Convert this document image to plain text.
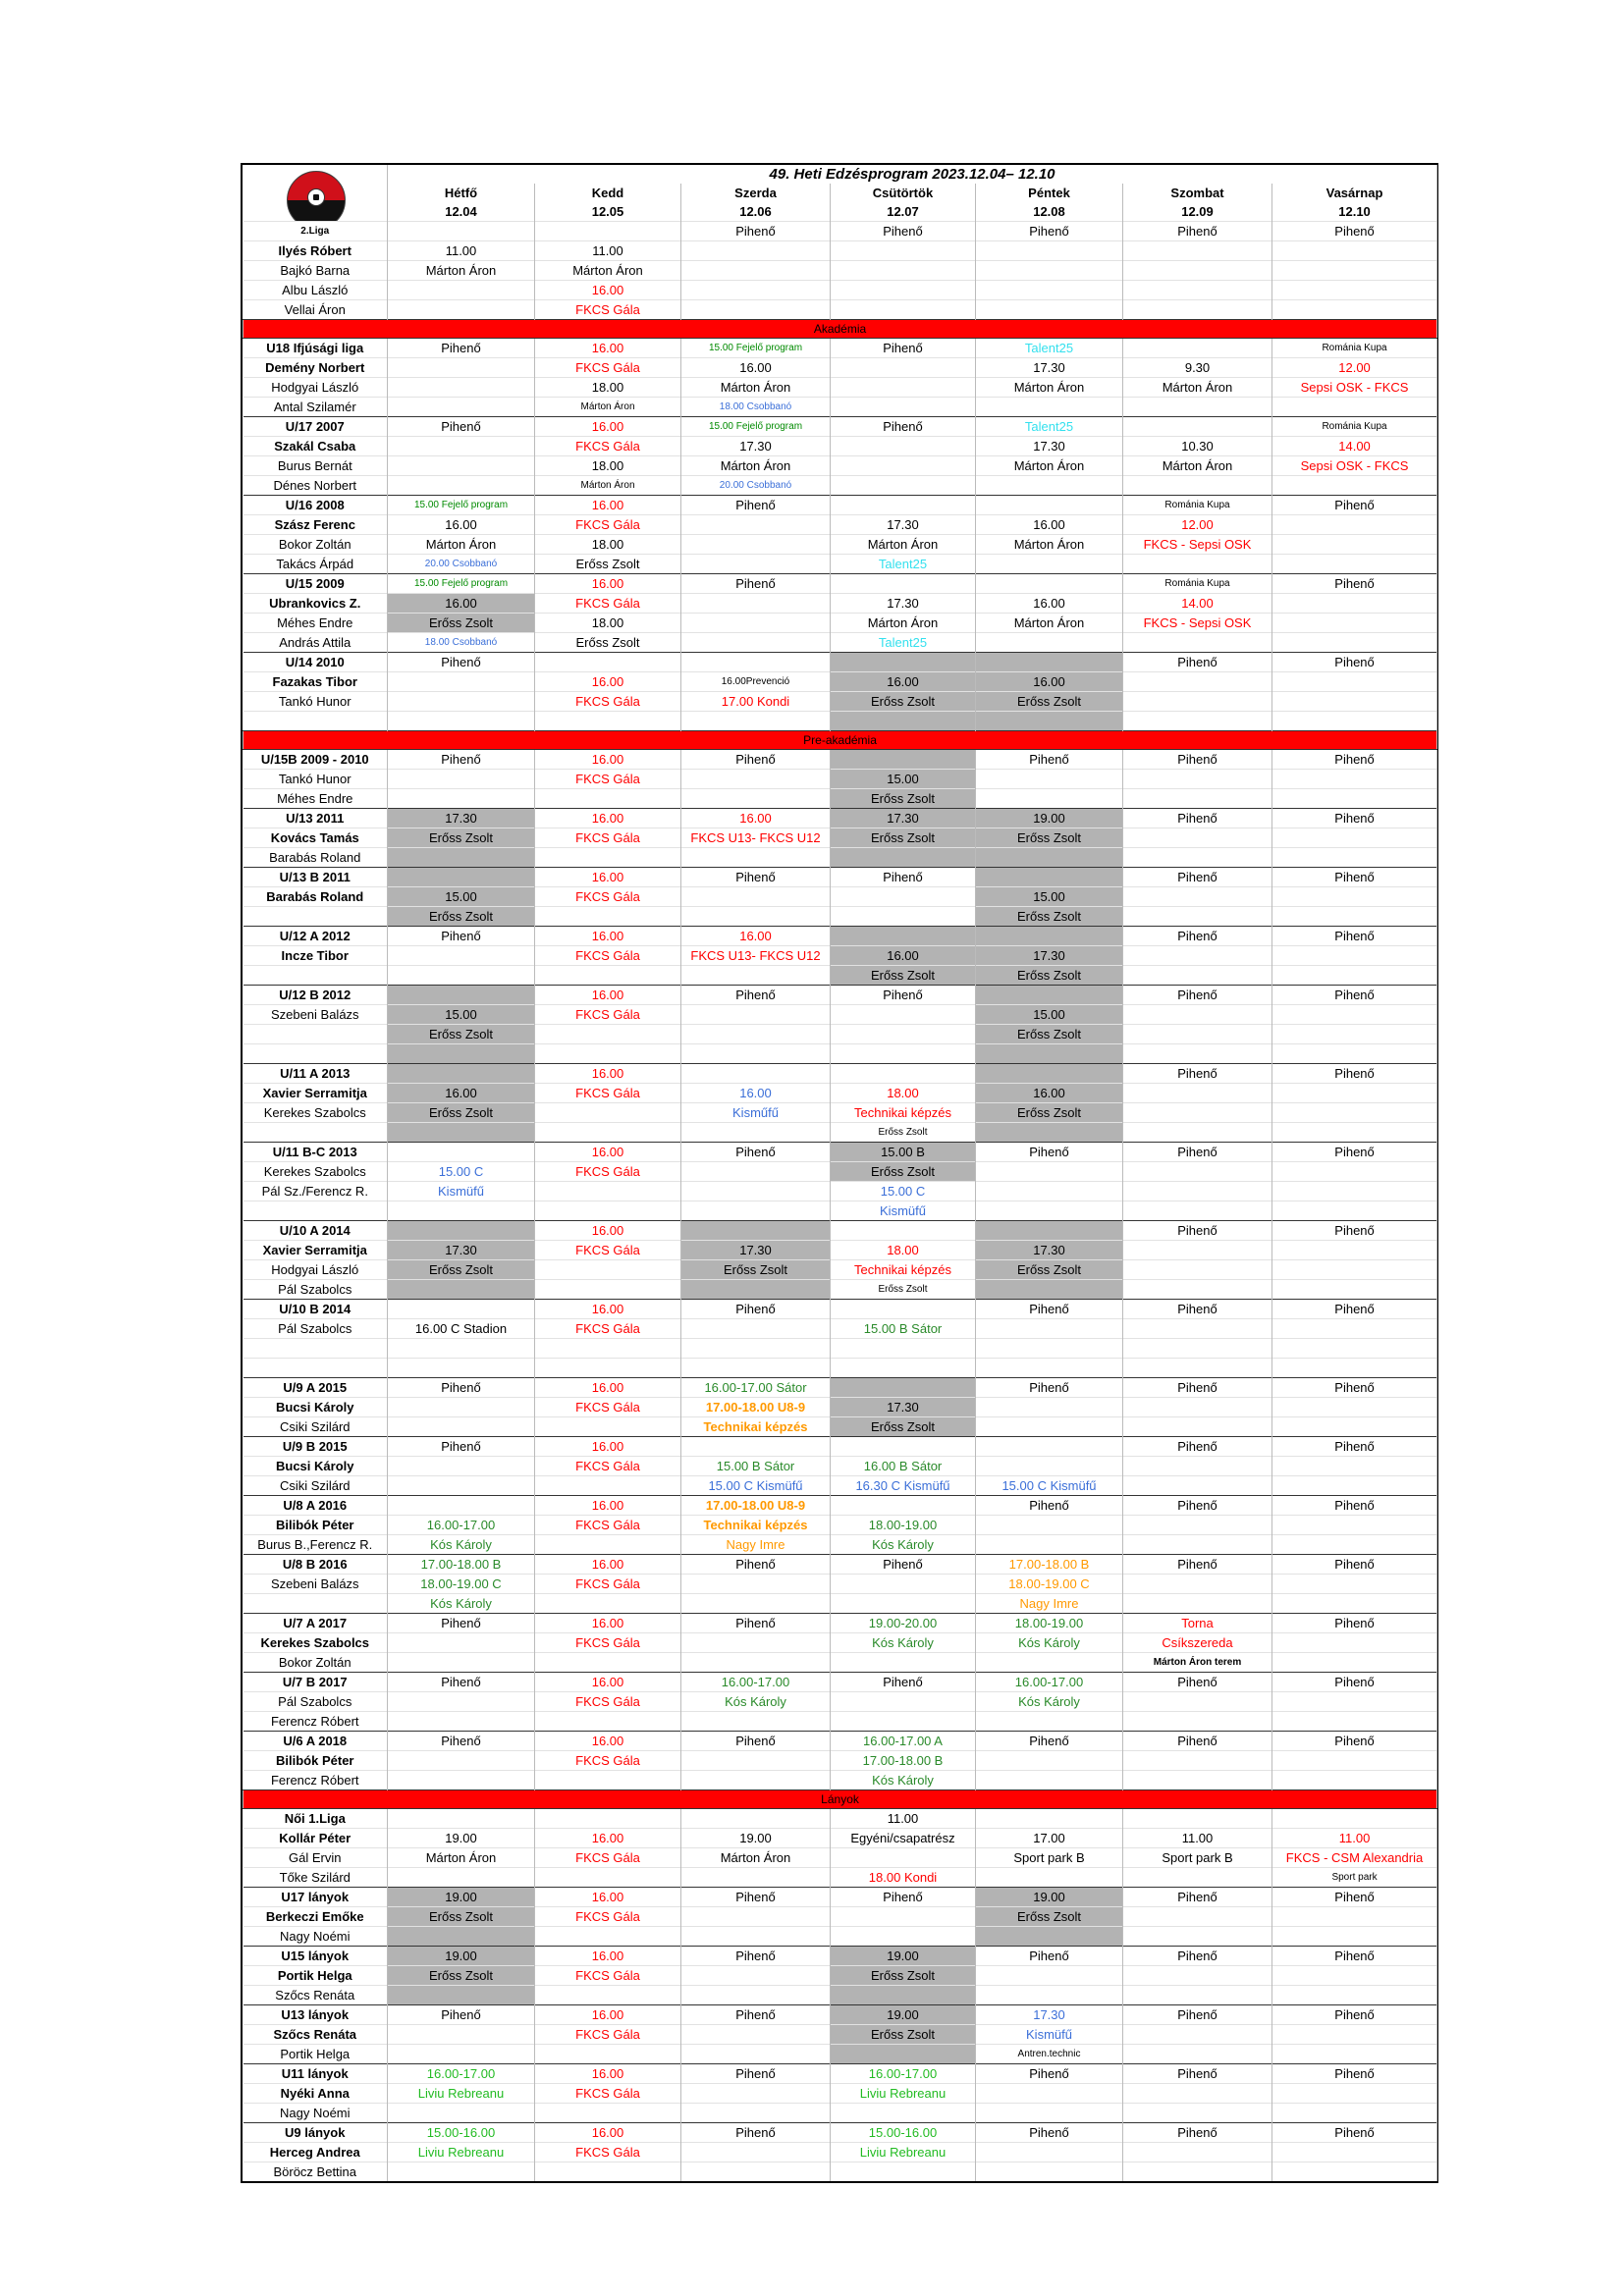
	49. Heti Edzésprogram 2023.12.04– 12.10						
	Hétfő	Kedd	Szerda	Csütörtök	Péntek	Szombat	Vasárnap
	12.04	12.05	12.06	12.07	12.08	12.09	12.10
2.Liga			Pihenő	Pihenő	Pihenő	Pihenő	Pihenő
Ilyés Róbert	11.00	11.00					
Bajkó Barna	Márton Áron	Márton Áron					
Albu László		16.00					
Vellai Áron		FKCS Gála					
Akadémia							
U18 Ifjúsági liga	Pihenő	16.00	15.00 Fejelő program	Pihenő	Talent25		Románia Kupa
Demény Norbert		FKCS Gála	16.00		17.30	9.30	12.00
Hodgyai László		18.00	Márton Áron		Márton Áron	Márton Áron	Sepsi OSK - FKCS
Antal Szilamér		Márton Áron	18.00 Csobbanó				
U/17 2007	Pihenő	16.00	15.00 Fejelő program	Pihenő	Talent25		Románia Kupa
Szakál Csaba		FKCS Gála	17.30		17.30	10.30	14.00
Burus Bernát		18.00	Márton Áron		Márton Áron	Márton Áron	Sepsi OSK - FKCS
Dénes Norbert		Márton Áron	20.00 Csobbanó				
U/16 2008	15.00 Fejelő program	16.00	Pihenő			Románia Kupa	Pihenő
Szász Ferenc	16.00	FKCS Gála		17.30	16.00	12.00	
Bokor Zoltán	Márton Áron	18.00		Márton Áron	Márton Áron	FKCS - Sepsi OSK	
Takács Árpád	20.00 Csobbanó	Erőss Zsolt		Talent25			
U/15 2009	15.00 Fejelő program	16.00	Pihenő			Románia Kupa	Pihenő
Ubrankovics Z.	16.00	FKCS Gála		17.30	16.00	14.00	
Méhes Endre	Erőss Zsolt	18.00		Márton Áron	Márton Áron	FKCS - Sepsi OSK	
András Attila	18.00 Csobbanó	Erőss Zsolt		Talent25			
U/14 2010	Pihenő					Pihenő	Pihenő
Fazakas Tibor		16.00	16.00Prevenció	16.00	16.00		
Tankó Hunor		FKCS Gála	17.00 Kondi	Erőss Zsolt	Erőss Zsolt		

Pre-akadémia							
U/15B 2009 - 2010	Pihenő	16.00	Pihenő		Pihenő	Pihenő	Pihenő
Tankó Hunor		FKCS Gála		15.00			
Méhes Endre				Erőss Zsolt			
U/13 2011	17.30	16.00	16.00	17.30	19.00	Pihenő	Pihenő
Kovács Tamás	Erőss Zsolt	FKCS Gála	FKCS U13- FKCS U12	Erőss Zsolt	Erőss Zsolt		
Barabás Roland							
U/13 B 2011		16.00	Pihenő	Pihenő		Pihenő	Pihenő
Barabás Roland	15.00	FKCS Gála			15.00		
	Erőss Zsolt				Erőss Zsolt		
U/12 A 2012	Pihenő	16.00	16.00			Pihenő	Pihenő
Incze Tibor		FKCS Gála	FKCS U13- FKCS U12	16.00	17.30		
				Erőss Zsolt	Erőss Zsolt		
U/12 B 2012		16.00	Pihenő	Pihenő		Pihenő	Pihenő
Szebeni Balázs	15.00	FKCS Gála			15.00		
	Erőss Zsolt				Erőss Zsolt		

U/11 A 2013		16.00				Pihenő	Pihenő
Xavier Serramitja	16.00	FKCS Gála	16.00	18.00	16.00		
Kerekes Szabolcs	Erőss Zsolt		Kisműfű	Technikai képzés	Erőss Zsolt		
				Erőss Zsolt			
U/11 B-C 2013		16.00	Pihenő	15.00 B	Pihenő	Pihenő	Pihenő
Kerekes Szabolcs	15.00 C	FKCS Gála		Erőss Zsolt			
Pál Sz./Ferencz R.	Kismüfű			15.00 C			
				Kismüfű			
U/10 A 2014		16.00				Pihenő	Pihenő
Xavier Serramitja	17.30	FKCS Gála	17.30	18.00	17.30		
Hodgyai László	Erőss Zsolt		Erőss Zsolt	Technikai képzés	Erőss Zsolt		
Pál Szabolcs				Erőss Zsolt			
U/10 B 2014		16.00	Pihenő		Pihenő	Pihenő	Pihenő
Pál Szabolcs	16.00 C Stadion	FKCS Gála		15.00 B Sátor			

U/9 A 2015	Pihenő	16.00	16.00-17.00 Sátor		Pihenő	Pihenő	Pihenő
Bucsi Károly		FKCS Gála	17.00-18.00 U8-9	17.30			
Csiki Szilárd			Technikai képzés	Erőss Zsolt			
U/9 B 2015	Pihenő	16.00				Pihenő	Pihenő
Bucsi Károly		FKCS Gála	15.00 B Sátor	16.00 B Sátor			
Csiki Szilárd			15.00 C Kismüfű	16.30 C Kismüfű	15.00 C Kismüfű		
U/8 A 2016		16.00	17.00-18.00 U8-9		Pihenő	Pihenő	Pihenő
Bilibók Péter	16.00-17.00	FKCS Gála	Technikai képzés	18.00-19.00			
Burus B.,Ferencz R.	Kós Károly		Nagy Imre	Kós Károly			
U/8 B 2016	17.00-18.00 B	16.00	Pihenő	Pihenő	17.00-18.00 B	Pihenő	Pihenő
Szebeni Balázs	18.00-19.00 C	FKCS Gála			18.00-19.00 C		
	Kós Károly				Nagy Imre		
U/7 A 2017	Pihenő	16.00	Pihenő	19.00-20.00	18.00-19.00	Torna	Pihenő
Kerekes Szabolcs		FKCS Gála		Kós Károly	Kós Károly	Csíkszereda	
Bokor Zoltán						Márton Áron terem	
U/7 B 2017	Pihenő	16.00	16.00-17.00	Pihenő	16.00-17.00	Pihenő	Pihenő
Pál Szabolcs		FKCS Gála	Kós Károly		Kós Károly		
Ferencz Róbert							
U/6 A 2018	Pihenő	16.00	Pihenő	16.00-17.00 A	Pihenő	Pihenő	Pihenő
Bilibók Péter		FKCS Gála		17.00-18.00 B			
Ferencz Róbert				Kós Károly			
Lányok							
Női 1.Liga				11.00			
Kollár Péter	19.00	16.00	19.00	Egyéni/csapatrész	17.00	11.00	11.00
Gál Ervin	Márton Áron	FKCS Gála	Márton Áron		Sport park B	Sport park B	FKCS - CSM Alexandria
Tőke Szilárd				18.00 Kondi			Sport park
U17 lányok	19.00	16.00	Pihenő	Pihenő	19.00	Pihenő	Pihenő
Berkeczi Emőke	Erőss Zsolt	FKCS Gála			Erőss Zsolt		
Nagy Noémi							
U15 lányok	19.00	16.00	Pihenő	19.00	Pihenő	Pihenő	Pihenő
Portik Helga	Erőss Zsolt	FKCS Gála		Erőss Zsolt			
Szőcs Renáta							
U13 lányok	Pihenő	16.00	Pihenő	19.00	17.30	Pihenő	Pihenő
Szőcs Renáta		FKCS Gála		Erőss Zsolt	Kismüfű		
Portik Helga					Antren.technic		
U11 lányok	16.00-17.00	16.00	Pihenő	16.00-17.00	Pihenő	Pihenő	Pihenő
Nyéki Anna	Liviu Rebreanu	FKCS Gála		Liviu Rebreanu			
Nagy Noémi							
U9 lányok	15.00-16.00	16.00	Pihenő	15.00-16.00	Pihenő	Pihenő	Pihenő
Herceg Andrea	Liviu Rebreanu	FKCS Gála		Liviu Rebreanu			
Böröcz Bettina							
